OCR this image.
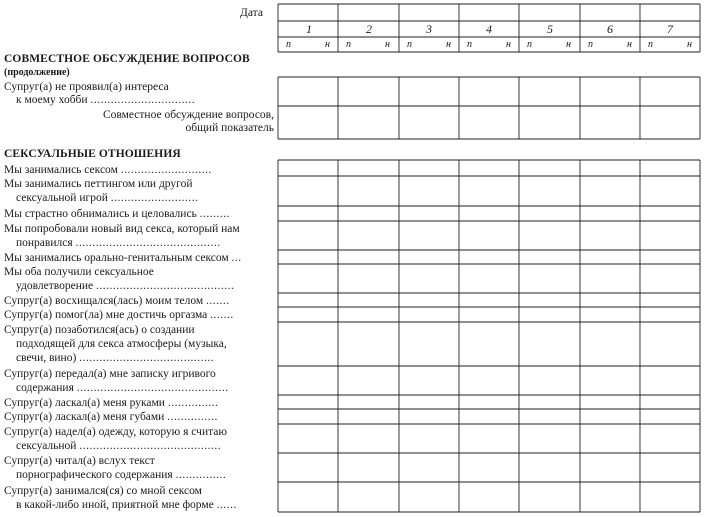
Дата
1	2	3	4	5	6	7
п	н п	н п	н п	н п	н п	н п	н
СОВМЕСТНОЕ ОБСУЖДЕНИЕ ВОПРОСОВ
(продолжение)
Супруг(а) не проявил(а) интереса
к моему хобби ...............................
Совместное обсуждение вопросов,
общий показатель
СЕКСУАЛЬНЫЕ ОТНОШЕНИЯ
Мы занимались сексом ...........................
Мы занимались петтингом или другой
сексуальной игрой ..........................
Мы страстно обнимались и целовались .........
Мы попробовали новый вид секса, который нам
понравился ...........................................
Мы занимались орально-генитальным сексом ...
Мы оба получили сексуальное
удовлетворение .........................................
Супруг(а) восхищался(лась) моим телом .......
Супруг(а) помог(ла) мне достичь оргазма .......
Супруг(а) позаботился(ась) о создании
подходящей для секса атмосферы (музыка,
свечи, вино) ........................................
Супруг(а) передал(а) мне записку игривого
содержания .............................................
Супруг(а) ласкал(а) меня руками ...............
Супруг(а) ласкал(а) меня губами ...............
Супруг(а) надел(а) одежду, которую я считаю
сексуальной ..........................................
Супруг(а) читал(а) вслух текст
порнографического содержания ...............
Супруг(а) занимался(ся) со мной сексом
в какой-либо иной, приятной мне форме ......
